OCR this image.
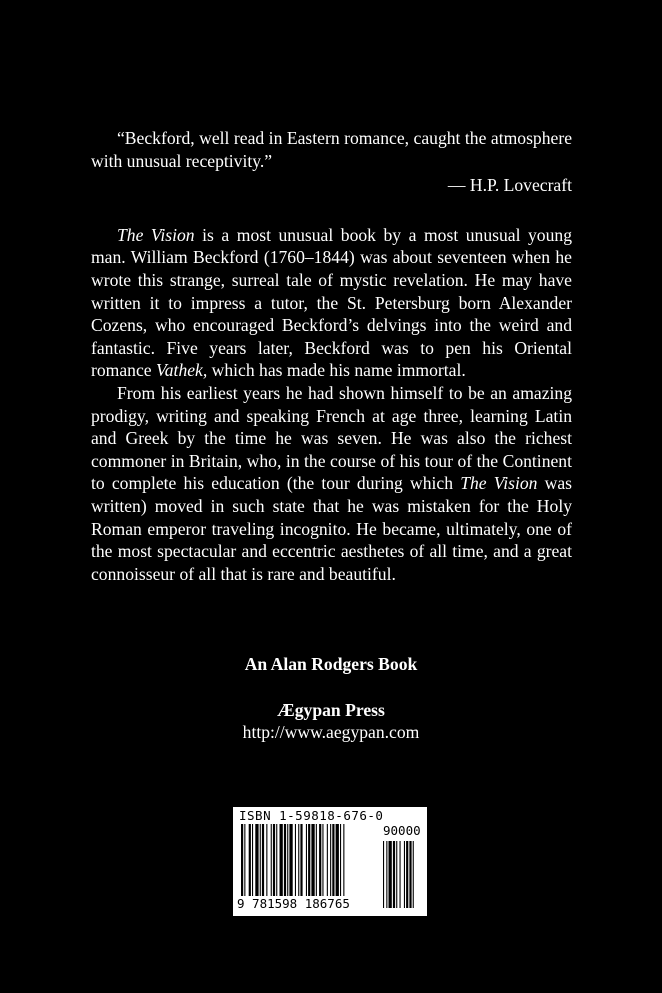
“Beckford, well read in Eastern romance, caught the atmosphere with unusual receptivity.”

— H.P. Lovecraft

The Vision is a most unusual book by a most unusual young man. William Beckford (1760–1844) was about seventeen when he wrote this strange, surreal tale of mystic revelation. He may have written it to impress a tutor, the St. Petersburg born Alexander Cozens, who encouraged Beckford’s delvings into the weird and fantastic. Five years later, Beckford was to pen his Oriental romance Vathek, which has made his name immortal.

From his earliest years he had shown himself to be an amazing prodigy, writing and speaking French at age three, learning Latin and Greek by the time he was seven. He was also the richest commoner in Britain, who, in the course of his tour of the Continent to complete his education (the tour during which The Vision was written) moved in such state that he was mistaken for the Holy Roman emperor traveling incognito. He became, ultimately, one of the most spectacular and eccentric aesthetes of all time, and a great connoisseur of all that is rare and beautiful.

An Alan Rodgers Book
Ægypan Press
http://www.aegypan.com
ISBN 1-59818-676-0
90000
9 781598 186765
